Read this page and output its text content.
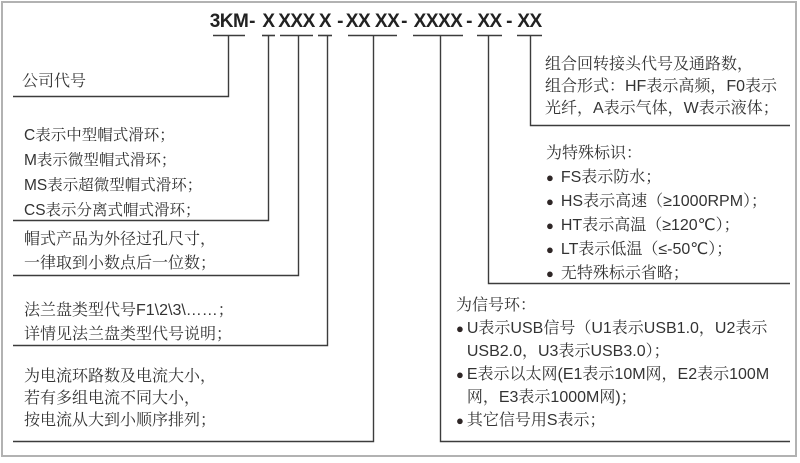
3KM - X XXX X - XX XX - XXXX - XX - XX
公司代号
C表示中型帽式滑环；
M表示微型帽式滑环；
MS表示超微型帽式滑环；
CS表示分离式帽式滑环；
帽式产品为外径过孔尺寸，
一律取到小数点后一位数；
法兰盘类型代号F1\2\3\……；
详情见法兰盘类型代号说明；
为电流环路数及电流大小，
若有多组电流不同大小，
按电流从大到小顺序排列；
组合回转接头代号及通路数，
组合形式：HF表示高频，F0表示
光纤，A表示气体，W表示液体；
为特殊标识：
● FS表示防水；
● HS表示高速（≥1000RPM）；
● HT表示高温（≥120℃）；
● LT表示低温（≤-50℃）；
● 无特殊标示省略；
为信号环：
● U表示USB信号（U1表示USB1.0，U2表示USB2.0，U3表示USB3.0）；
● E表示以太网(E1表示10M网，E2表示100M网，E3表示1000M网)；
● 其它信号用S表示；
